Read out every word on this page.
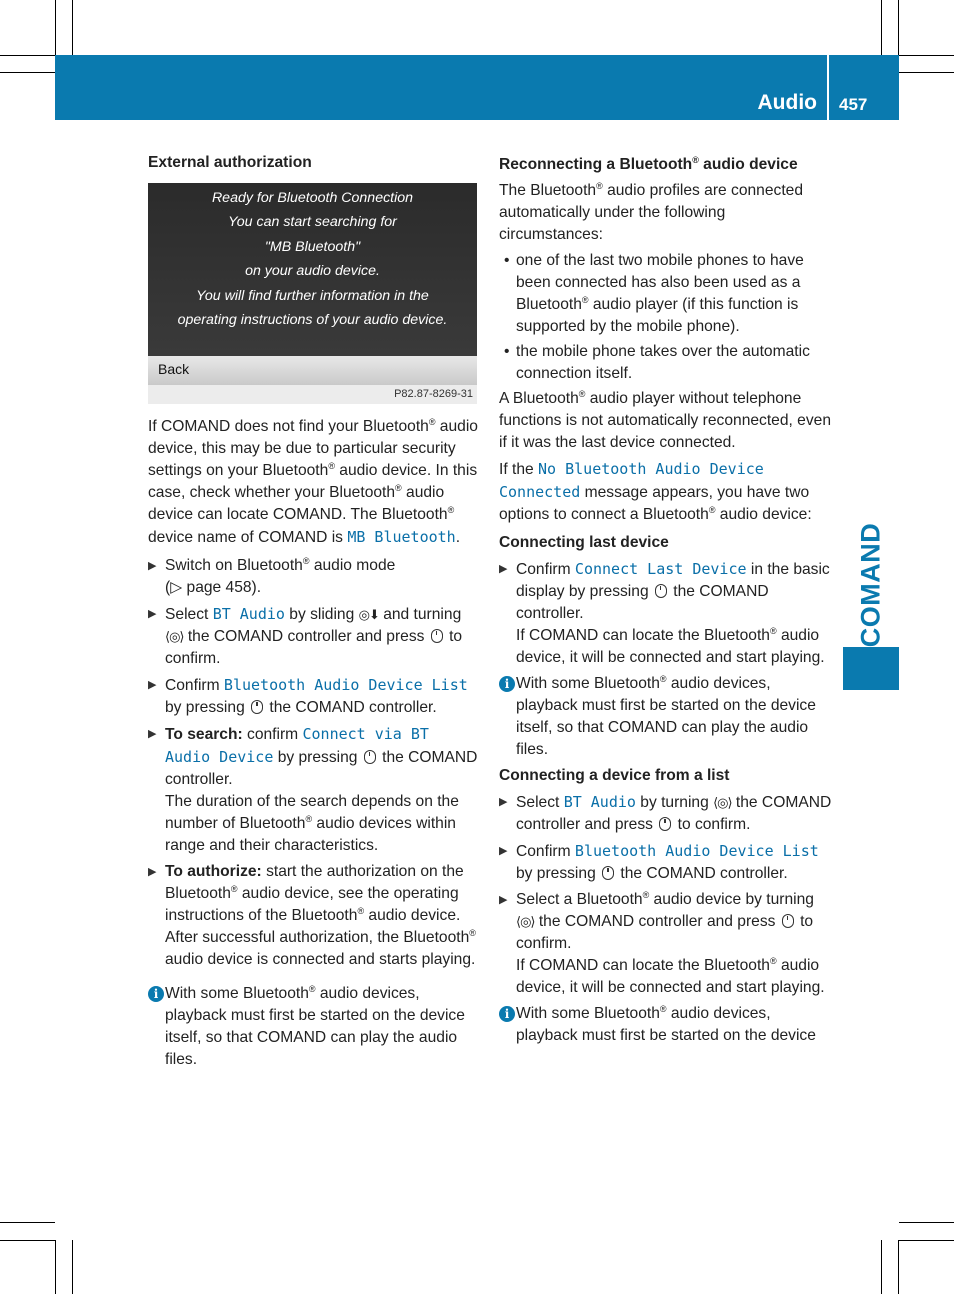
Audio 457
COMAND

External authorization

Ready for Bluetooth Connection
You can start searching for
"MB Bluetooth"
on your audio device.
You will find further information in the
operating instructions of your audio device.
Back
P82.87-8269-31

If COMAND does not find your Bluetooth® audio device, this may be due to particular security settings on your Bluetooth® audio device. In this case, check whether your Bluetooth® audio device can locate COMAND. The Bluetooth® device name of COMAND is MB Bluetooth.

▶ Switch on Bluetooth® audio mode
(▷ page 458).
▶ Select BT Audio by sliding ◎⬇ and turning ⟨◎⟩ the COMAND controller and press  to confirm.
▶ Confirm Bluetooth Audio Device List by pressing  the COMAND controller.
▶ To search: confirm Connect via BT Audio Device by pressing  the COMAND controller.
The duration of the search depends on the number of Bluetooth® audio devices within range and their characteristics.
▶ To authorize: start the authorization on the Bluetooth® audio device, see the operating instructions of the Bluetooth® audio device.
After successful authorization, the Bluetooth® audio device is connected and starts playing.
i With some Bluetooth® audio devices, playback must first be started on the device itself, so that COMAND can play the audio files.

Reconnecting a Bluetooth® audio device

The Bluetooth® audio profiles are connected automatically under the following circumstances:

• one of the last two mobile phones to have been connected has also been used as a Bluetooth® audio player (if this function is supported by the mobile phone).
• the mobile phone takes over the automatic connection itself.

A Bluetooth® audio player without telephone functions is not automatically reconnected, even if it was the last device connected.

If the No Bluetooth Audio Device Connected message appears, you have two options to connect a Bluetooth® audio device:

Connecting last device

▶ Confirm Connect Last Device in the basic display by pressing  the COMAND controller.
If COMAND can locate the Bluetooth® audio device, it will be connected and start playing.
i With some Bluetooth® audio devices, playback must first be started on the device itself, so that COMAND can play the audio files.

Connecting a device from a list

▶ Select BT Audio by turning ⟨◎⟩ the COMAND controller and press  to confirm.
▶ Confirm Bluetooth Audio Device List by pressing  the COMAND controller.
▶ Select a Bluetooth® audio device by turning ⟨◎⟩ the COMAND controller and press  to confirm.
If COMAND can locate the Bluetooth® audio device, it will be connected and start playing.
i With some Bluetooth® audio devices, playback must first be started on the device
